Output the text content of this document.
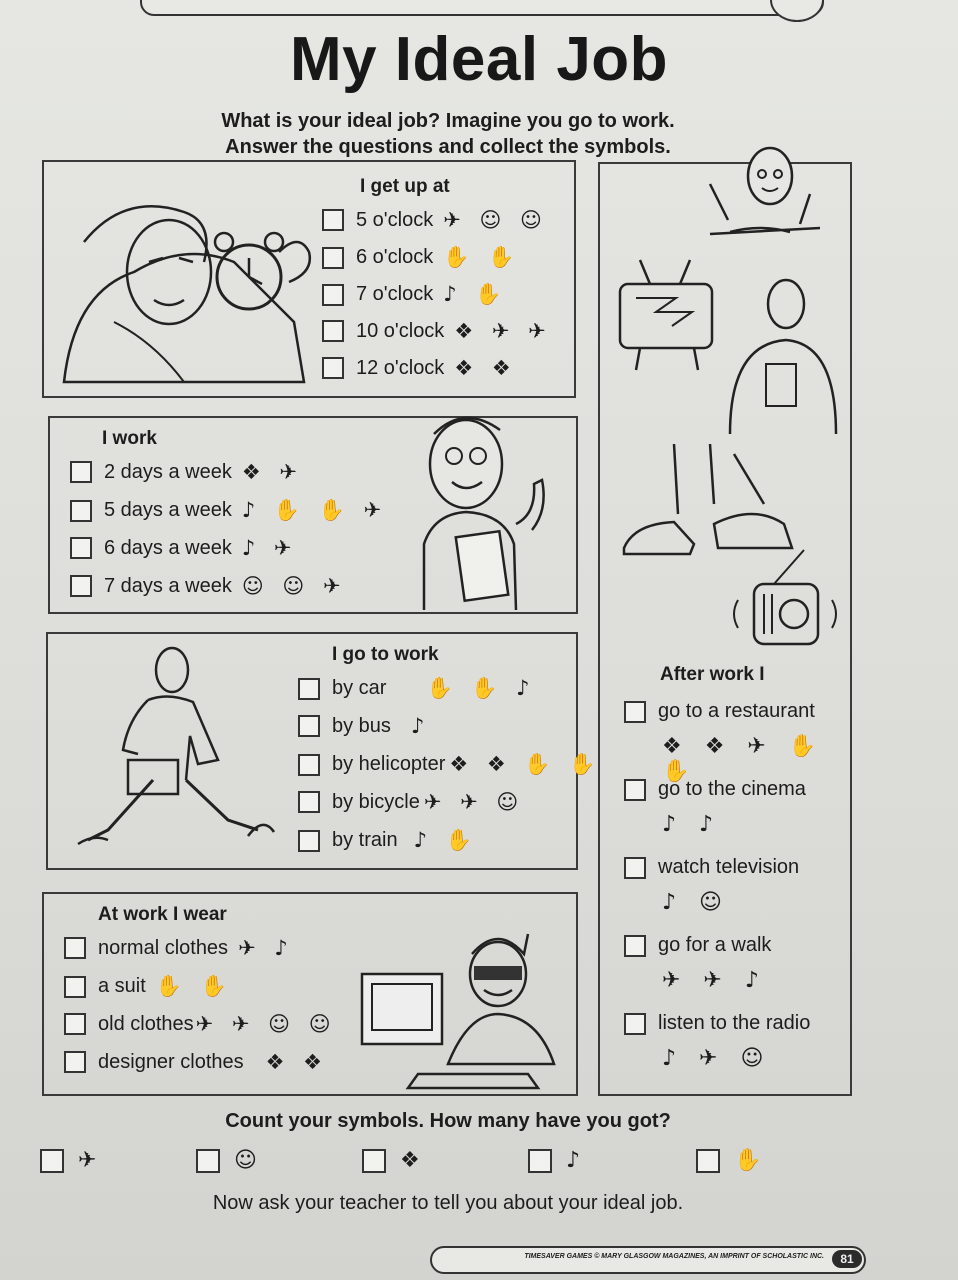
My Ideal Job
What is your ideal job? Imagine you go to work.
Answer the questions and collect the symbols.
I get up at
5 o'clock ✈ ☺ ☺
6 o'clock ✋ ✋
7 o'clock ♪ ✋
10 o'clock ❖ ✈ ✈
12 o'clock ❖ ❖
I work
2 days a week ❖ ✈
5 days a week ♪ ✋ ✋ ✈
6 days a week ♪ ✈
7 days a week ☺ ☺ ✈
I go to work
by car ✋ ✋ ♪
by bus ♪
by helicopter ❖ ❖ ✋ ✋
by bicycle ✈ ✈ ☺
by train ♪ ✋
At work I wear
normal clothes ✈ ♪
a suit ✋ ✋
old clothes ✈ ✈ ☺ ☺
designer clothes ❖ ❖
After work I
go to a restaurant
❖ ❖ ✈ ✋ ✋
go to the cinema
♪ ♪
watch television
♪ ☺
go for a walk
✈ ✈ ♪
listen to the radio
♪ ✈ ☺
Count your symbols. How many have you got?
✈	☺	❖	♪	✋
Now ask your teacher to tell you about your ideal job.
TIMESAVER GAMES © MARY GLASGOW MAGAZINES, AN IMPRINT OF SCHOLASTIC INC.	81
